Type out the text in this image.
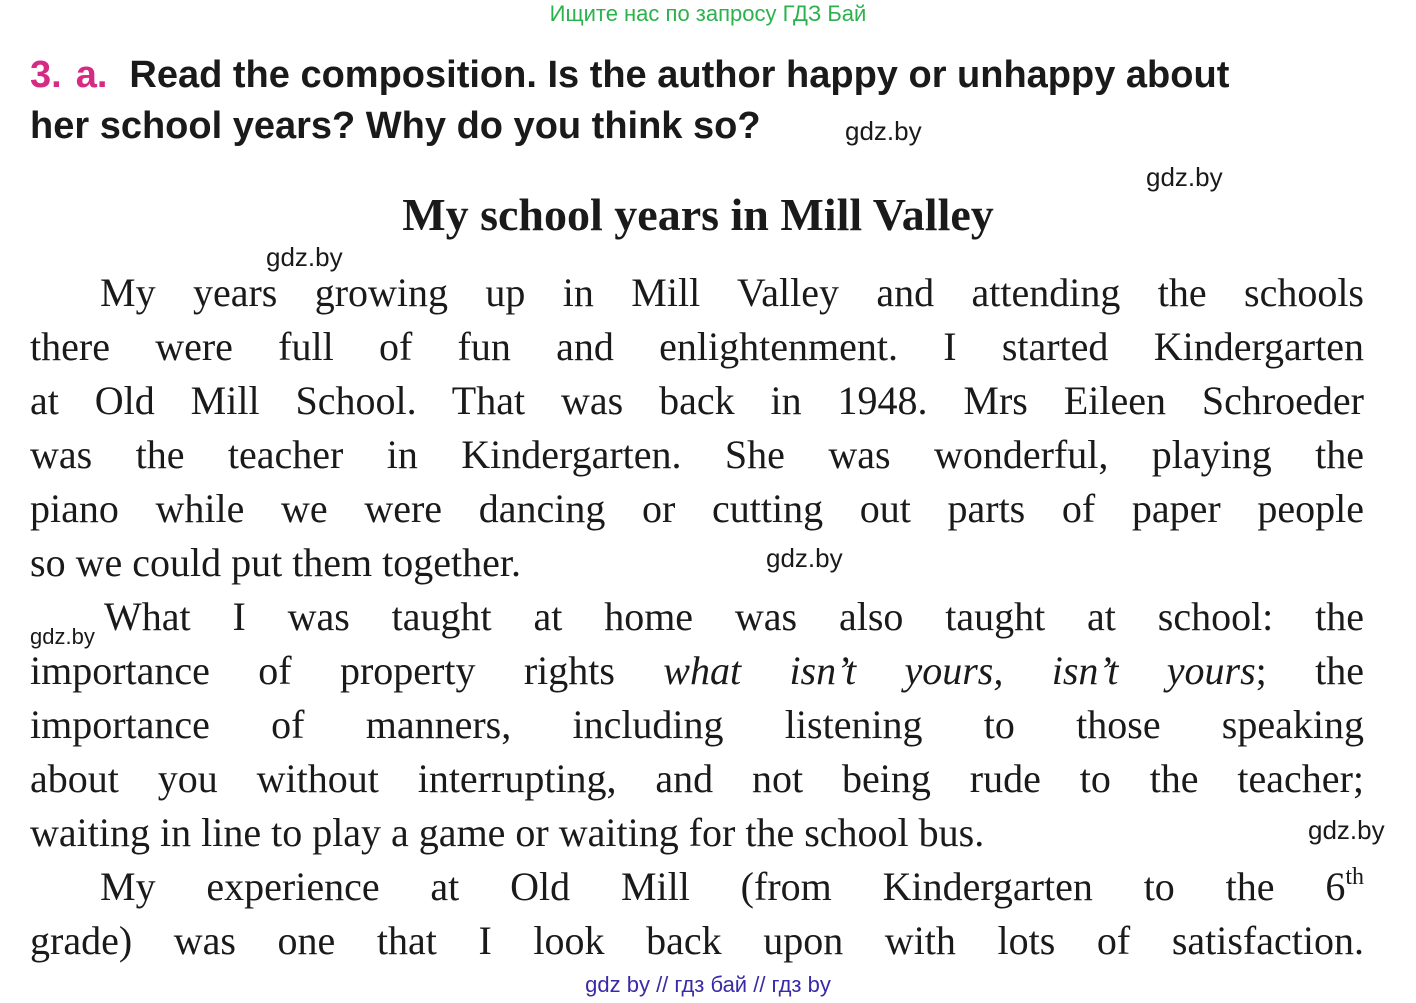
Ищите нас по запросу ГДЗ Бай
3. a. Read the composition. Is the author happy or unhappy about
her school years? Why do you think so?	gdz.by
gdz.by
My school years in Mill Valley
gdz.by
My years growing up in Mill Valley and attending the schools
there were full of fun and enlightenment. I started Kindergarten
at Old Mill School. That was back in 1948. Mrs Eileen Schroeder
was the teacher in Kindergarten. She was wonderful, playing the
piano while we were dancing or cutting out parts of paper people
so we could put them together.	gdz.by
gdz.by What I was taught at home was also taught at school: the
importance of property rights what isn’t yours, isn’t yours; the
importance of manners, including listening to those speaking
about you without interrupting, and not being rude to the teacher;
waiting in line to play a game or waiting for the school bus.	gdz.by
My experience at Old Mill (from Kindergarten to the 6th
grade) was one that I look back upon with lots of satisfaction.
gdz by // гдз бай // гдз by
